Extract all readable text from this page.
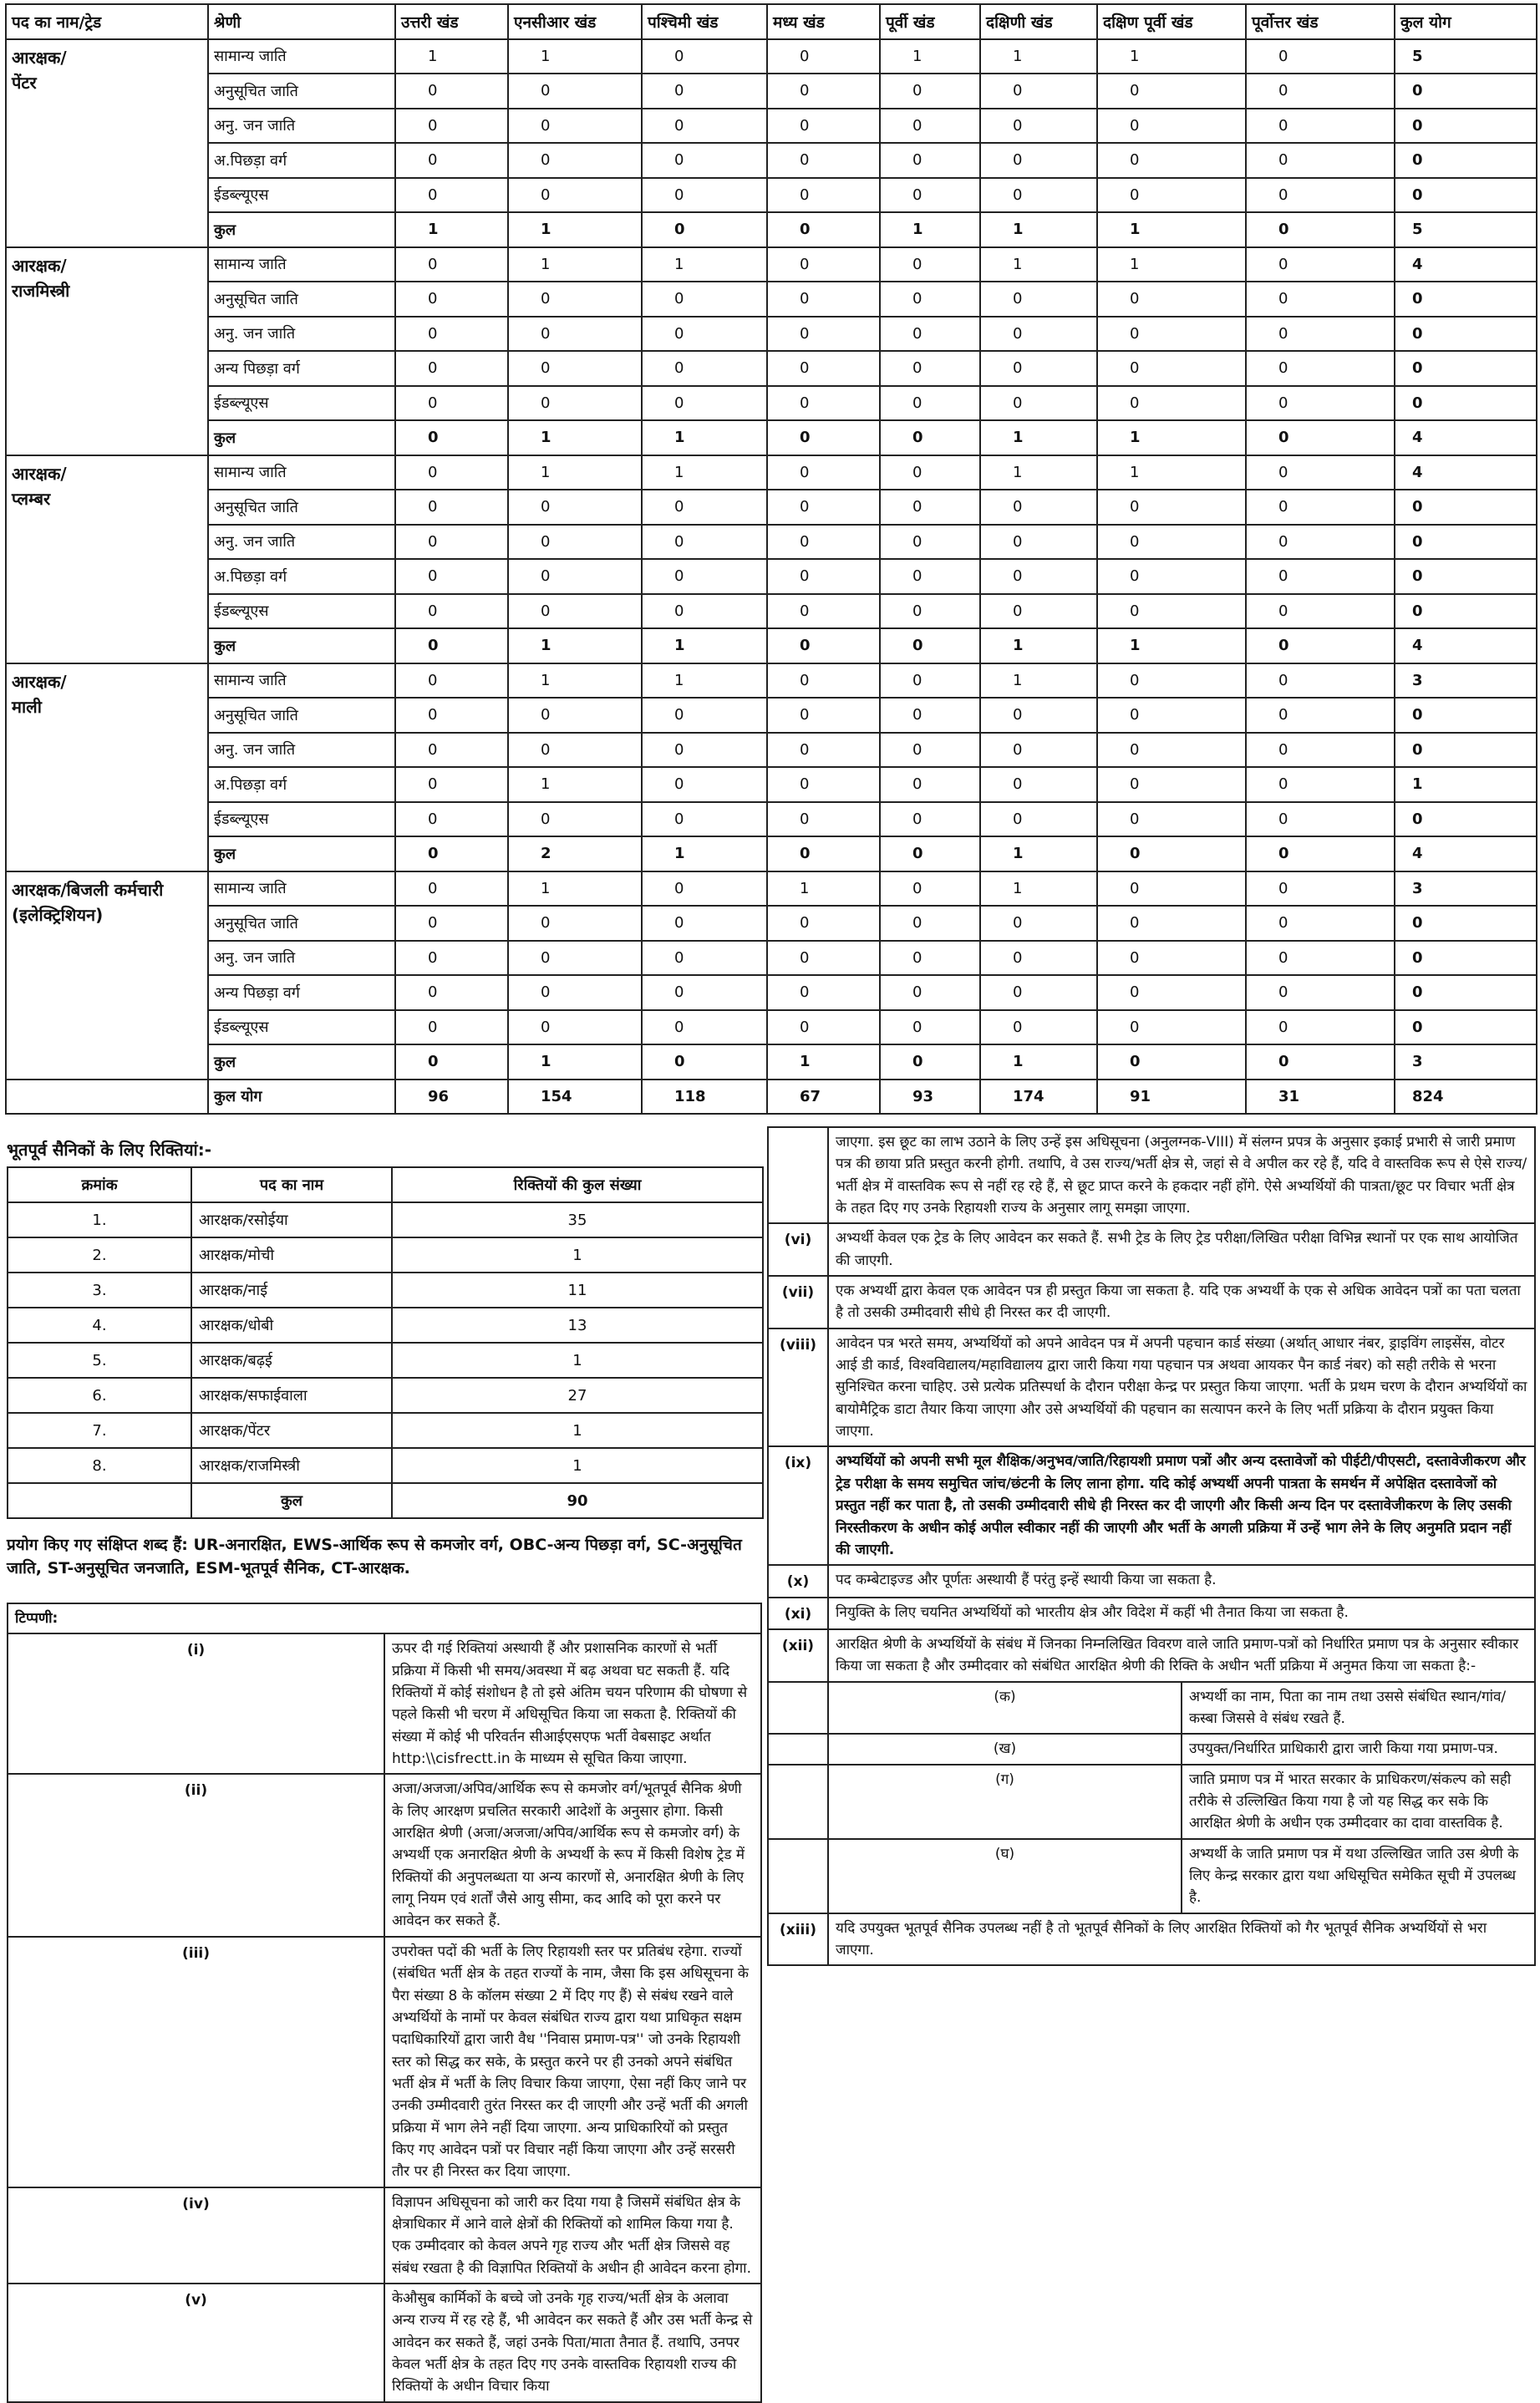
पद का नाम/ट्रेड	श्रेणी	उत्तरी खंड	एनसीआर खंड	पश्चिमी खंड	मध्य खंड	पूर्वी खंड	दक्षिणी खंड	दक्षिण पूर्वी खंड	पूर्वोत्तर खंड	कुल योग
आरक्षक/
पेंटर	सामान्य जाति	1	1	0	0	1	1	1	0	5
	अनुसूचित जाति	0	0	0	0	0	0	0	0	0
	अनु. जन जाति	0	0	0	0	0	0	0	0	0
	अ.पिछड़ा वर्ग	0	0	0	0	0	0	0	0	0
	ईडब्ल्यूएस	0	0	0	0	0	0	0	0	0
	कुल	1	1	0	0	1	1	1	0	5
आरक्षक/
राजमिस्त्री	सामान्य जाति	0	1	1	0	0	1	1	0	4
	अनुसूचित जाति	0	0	0	0	0	0	0	0	0
	अनु. जन जाति	0	0	0	0	0	0	0	0	0
	अन्य पिछड़ा वर्ग	0	0	0	0	0	0	0	0	0
	ईडब्ल्यूएस	0	0	0	0	0	0	0	0	0
	कुल	0	1	1	0	0	1	1	0	4
आरक्षक/
प्लम्बर	सामान्य जाति	0	1	1	0	0	1	1	0	4
	अनुसूचित जाति	0	0	0	0	0	0	0	0	0
	अनु. जन जाति	0	0	0	0	0	0	0	0	0
	अ.पिछड़ा वर्ग	0	0	0	0	0	0	0	0	0
	ईडब्ल्यूएस	0	0	0	0	0	0	0	0	0
	कुल	0	1	1	0	0	1	1	0	4
आरक्षक/
माली	सामान्य जाति	0	1	1	0	0	1	0	0	3
	अनुसूचित जाति	0	0	0	0	0	0	0	0	0
	अनु. जन जाति	0	0	0	0	0	0	0	0	0
	अ.पिछड़ा वर्ग	0	1	0	0	0	0	0	0	1
	ईडब्ल्यूएस	0	0	0	0	0	0	0	0	0
	कुल	0	2	1	0	0	1	0	0	4
आरक्षक/बिजली कर्मचारी
(इलेक्ट्रिशियन)	सामान्य जाति	0	1	0	1	0	1	0	0	3
	अनुसूचित जाति	0	0	0	0	0	0	0	0	0
	अनु. जन जाति	0	0	0	0	0	0	0	0	0
	अन्य पिछड़ा वर्ग	0	0	0	0	0	0	0	0	0
	ईडब्ल्यूएस	0	0	0	0	0	0	0	0	0
	कुल	0	1	0	1	0	1	0	0	3
	कुल योग	96	154	118	67	93	174	91	31	824
भूतपूर्व सैनिकों के लिए रिक्तियां:-
क्रमांक	पद का नाम	रिक्तियों की कुल संख्या
1.	आरक्षक/रसोईया	35
2.	आरक्षक/मोची	1
3.	आरक्षक/नाई	11
4.	आरक्षक/धोबी	13
5.	आरक्षक/बढ़ई	1
6.	आरक्षक/सफाईवाला	27
7.	आरक्षक/पेंटर	1
8.	आरक्षक/राजमिस्त्री	1
	कुल	90
प्रयोग किए गए संक्षिप्त शब्द हैं: UR-अनारक्षित, EWS-आर्थिक रूप से कमजोर वर्ग, OBC-अन्य पिछड़ा वर्ग, SC-अनुसूचित जाति, ST-अनुसूचित जनजाति, ESM-भूतपूर्व सैनिक, CT-आरक्षक.
टिप्पणी:	
(i)	ऊपर दी गई रिक्तियां अस्थायी हैं और प्रशासनिक कारणों से भर्ती प्रक्रिया में किसी भी समय/अवस्था में बढ़ अथवा घट सकती हैं. यदि रिक्तियों में कोई संशोधन है तो इसे अंतिम चयन परिणाम की घोषणा से पहले किसी भी चरण में अधिसूचित किया जा सकता है. रिक्तियों की संख्या में कोई भी परिवर्तन सीआईएसएफ भर्ती वेबसाइट अर्थात http:\\cisfrectt.in के माध्यम से सूचित किया जाएगा.
(ii)	अजा/अजजा/अपिव/आर्थिक रूप से कमजोर वर्ग/भूतपूर्व सैनिक श्रेणी के लिए आरक्षण प्रचलित सरकारी आदेशों के अनुसार होगा. किसी आरक्षित श्रेणी (अजा/अजजा/अपिव/आर्थिक रूप से कमजोर वर्ग) के अभ्यर्थी एक अनारक्षित श्रेणी के अभ्यर्थी के रूप में किसी विशेष ट्रेड में रिक्तियों की अनुपलब्धता या अन्य कारणों से, अनारक्षित श्रेणी के लिए लागू नियम एवं शर्तों जैसे आयु सीमा, कद आदि को पूरा करने पर आवेदन कर सकते हैं.
(iii)	उपरोक्त पदों की भर्ती के लिए रिहायशी स्तर पर प्रतिबंध रहेगा. राज्यों (संबंधित भर्ती क्षेत्र के तहत राज्यों के नाम, जैसा कि इस अधिसूचना के पैरा संख्या 8 के कॉलम संख्या 2 में दिए गए हैं) से संबंध रखने वाले अभ्यर्थियों के नामों पर केवल संबंधित राज्य द्वारा यथा प्राधिकृत सक्षम पदाधिकारियों द्वारा जारी वैध ''निवास प्रमाण-पत्र'' जो उनके रिहायशी स्तर को सिद्ध कर सके, के प्रस्तुत करने पर ही उनको अपने संबंधित भर्ती क्षेत्र में भर्ती के लिए विचार किया जाएगा, ऐसा नहीं किए जाने पर उनकी उम्मीदवारी तुरंत निरस्त कर दी जाएगी और उन्हें भर्ती की अगली प्रक्रिया में भाग लेने नहीं दिया जाएगा. अन्य प्राधिकारियों को प्रस्तुत किए गए आवेदन पत्रों पर विचार नहीं किया जाएगा और उन्हें सरसरी तौर पर ही निरस्त कर दिया जाएगा.
(iv)	विज्ञापन अधिसूचना को जारी कर दिया गया है जिसमें संबंधित क्षेत्र के क्षेत्राधिकार में आने वाले क्षेत्रों की रिक्तियों को शामिल किया गया है. एक उम्मीदवार को केवल अपने गृह राज्य और भर्ती क्षेत्र जिससे वह संबंध रखता है की विज्ञापित रिक्तियों के अधीन ही आवेदन करना होगा.
(v)	केऔसुब कार्मिकों के बच्चे जो उनके गृह राज्य/भर्ती क्षेत्र के अलावा अन्य राज्य में रह रहे हैं, भी आवेदन कर सकते हैं और उस भर्ती केन्द्र से आवेदन कर सकते हैं, जहां उनके पिता/माता तैनात हैं. तथापि, उनपर केवल भर्ती क्षेत्र के तहत दिए गए उनके वास्तविक रिहायशी राज्य की रिक्तियों के अधीन विचार किया
	जाएगा. इस छूट का लाभ उठाने के लिए उन्हें इस अधिसूचना (अनुलग्नक-VIII) में संलग्न प्रपत्र के अनुसार इकाई प्रभारी से जारी प्रमाण पत्र की छाया प्रति प्रस्तुत करनी होगी. तथापि, वे उस राज्य/भर्ती क्षेत्र से, जहां से वे अपील कर रहे हैं, यदि वे वास्तविक रूप से ऐसे राज्य/भर्ती क्षेत्र में वास्तविक रूप से नहीं रह रहे हैं, से छूट प्राप्त करने के हकदार नहीं होंगे. ऐसे अभ्यर्थियों की पात्रता/छूट पर विचार भर्ती क्षेत्र के तहत दिए गए उनके रिहायशी राज्य के अनुसार लागू समझा जाएगा.	
(vi)	अभ्यर्थी केवल एक ट्रेड के लिए आवेदन कर सकते हैं. सभी ट्रेड के लिए ट्रेड परीक्षा/लिखित परीक्षा विभिन्न स्थानों पर एक साथ आयोजित की जाएगी.	
(vii)	एक अभ्यर्थी द्वारा केवल एक आवेदन पत्र ही प्रस्तुत किया जा सकता है. यदि एक अभ्यर्थी के एक से अधिक आवेदन पत्रों का पता चलता है तो उसकी उम्मीदवारी सीधे ही निरस्त कर दी जाएगी.	
(viii)	आवेदन पत्र भरते समय, अभ्यर्थियों को अपने आवेदन पत्र में अपनी पहचान कार्ड संख्या (अर्थात् आधार नंबर, ड्राइविंग लाइसेंस, वोटर आई डी कार्ड, विश्वविद्यालय/महाविद्यालय द्वारा जारी किया गया पहचान पत्र अथवा आयकर पैन कार्ड नंबर) को सही तरीके से भरना सुनिश्चित करना चाहिए. उसे प्रत्येक प्रतिस्पर्धा के दौरान परीक्षा केन्द्र पर प्रस्तुत किया जाएगा. भर्ती के प्रथम चरण के दौरान अभ्यर्थियों का बायोमैट्रिक डाटा तैयार किया जाएगा और उसे अभ्यर्थियों की पहचान का सत्यापन करने के लिए भर्ती प्रक्रिया के दौरान प्रयुक्त किया जाएगा.	
(ix)	अभ्यर्थियों को अपनी सभी मूल शैक्षिक/अनुभव/जाति/रिहायशी प्रमाण पत्रों और अन्य दस्तावेजों को पीईटी/पीएसटी, दस्तावेजीकरण और ट्रेड परीक्षा के समय समुचित जांच/छंटनी के लिए लाना होगा. यदि कोई अभ्यर्थी अपनी पात्रता के समर्थन में अपेक्षित दस्तावेजों को प्रस्तुत नहीं कर पाता है, तो उसकी उम्मीदवारी सीधे ही निरस्त कर दी जाएगी और किसी अन्य दिन पर दस्तावेजीकरण के लिए उसकी निरस्तीकरण के अधीन कोई अपील स्वीकार नहीं की जाएगी और भर्ती के अगली प्रक्रिया में उन्हें भाग लेने के लिए अनुमति प्रदान नहीं की जाएगी.	
(x)	पद कम्बेटाइज्ड और पूर्णतः अस्थायी हैं परंतु इन्हें स्थायी किया जा सकता है.	
(xi)	नियुक्ति के लिए चयनित अभ्यर्थियों को भारतीय क्षेत्र और विदेश में कहीं भी तैनात किया जा सकता है.	
(xii)	आरक्षित श्रेणी के अभ्यर्थियों के संबंध में जिनका निम्नलिखित विवरण वाले जाति प्रमाण-पत्रों को निर्धारित प्रमाण पत्र के अनुसार स्वीकार किया जा सकता है और उम्मीदवार को संबंधित आरक्षित श्रेणी की रिक्ति के अधीन भर्ती प्रक्रिया में अनुमत किया जा सकता है:-	
	(क)	अभ्यर्थी का नाम, पिता का नाम तथा उससे संबंधित स्थान/गांव/कस्बा जिससे वे संबंध रखते हैं.
	(ख)	उपयुक्त/निर्धारित प्राधिकारी द्वारा जारी किया गया प्रमाण-पत्र.
	(ग)	जाति प्रमाण पत्र में भारत सरकार के प्राधिकरण/संकल्प को सही तरीके से उल्लिखित किया गया है जो यह सिद्ध कर सके कि आरक्षित श्रेणी के अधीन एक उम्मीदवार का दावा वास्तविक है.
	(घ)	अभ्यर्थी के जाति प्रमाण पत्र में यथा उल्लिखित जाति उस श्रेणी के लिए केन्द्र सरकार द्वारा यथा अधिसूचित समेकित सूची में उपलब्ध है.
(xiii)	यदि उपयुक्त भूतपूर्व सैनिक उपलब्ध नहीं है तो भूतपूर्व सैनिकों के लिए आरक्षित रिक्तियों को गैर भूतपूर्व सैनिक अभ्यर्थियों से भरा जाएगा.	
